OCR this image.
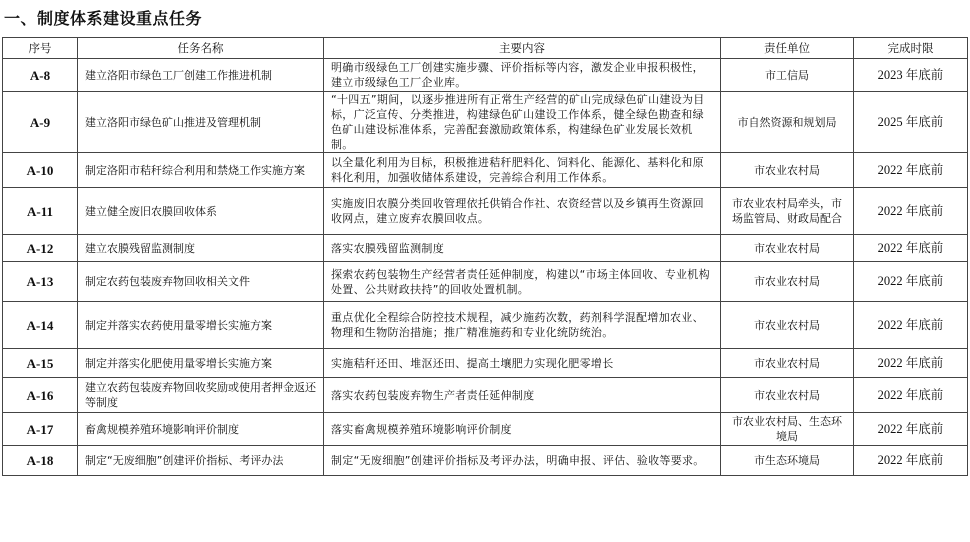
一、制度体系建设重点任务
序号	任务名称	主要内容	责任单位	完成时限
A-8	建立洛阳市绿色工厂创建工作推进机制	明确市级绿色工厂创建实施步骤、评价指标等内容，激发企业申报积极性，建立市级绿色工厂企业库。	市工信局	2023 年底前
A-9	建立洛阳市绿色矿山推进及管理机制	“十四五”期间，以逐步推进所有正常生产经营的矿山完成绿色矿山建设为目标，广泛宣传、分类推进，构建绿色矿山建设工作体系，健全绿色勘查和绿色矿山建设标准体系，完善配套激励政策体系，构建绿色矿业发展长效机制。	市自然资源和规划局	2025 年底前
A-10	制定洛阳市秸秆综合利用和禁烧工作实施方案	以全量化利用为目标，积极推进秸秆肥料化、饲料化、能源化、基料化和原料化利用，加强收储体系建设，完善综合利用工作体系。	市农业农村局	2022 年底前
A-11	建立健全废旧农膜回收体系	实施废旧农膜分类回收管理依托供销合作社、农资经营以及乡镇再生资源回收网点，建立废弃农膜回收点。	市农业农村局牵头，市场监管局、财政局配合	2022 年底前
A-12	建立农膜残留监测制度	落实农膜残留监测制度	市农业农村局	2022 年底前
A-13	制定农药包装废弃物回收相关文件	探索农药包装物生产经营者责任延伸制度，构建以“市场主体回收、专业机构处置、公共财政扶持”的回收处置机制。	市农业农村局	2022 年底前
A-14	制定并落实农药使用量零增长实施方案	重点优化全程综合防控技术规程，减少施药次数，药剂科学混配增加农业、物理和生物防治措施；推广精准施药和专业化统防统治。	市农业农村局	2022 年底前
A-15	制定并落实化肥使用量零增长实施方案	实施秸秆还田、堆沤还田、提高土壤肥力实现化肥零增长	市农业农村局	2022 年底前
A-16	建立农药包装废弃物回收奖励或使用者押金返还等制度	落实农药包装废弃物生产者责任延伸制度	市农业农村局	2022 年底前
A-17	畜禽规模养殖环境影响评价制度	落实畜禽规模养殖环境影响评价制度	市农业农村局、生态环境局	2022 年底前
A-18	制定“无废细胞”创建评价指标、考评办法	制定“无废细胞”创建评价指标及考评办法，明确申报、评估、验收等要求。	市生态环境局	2022 年底前
